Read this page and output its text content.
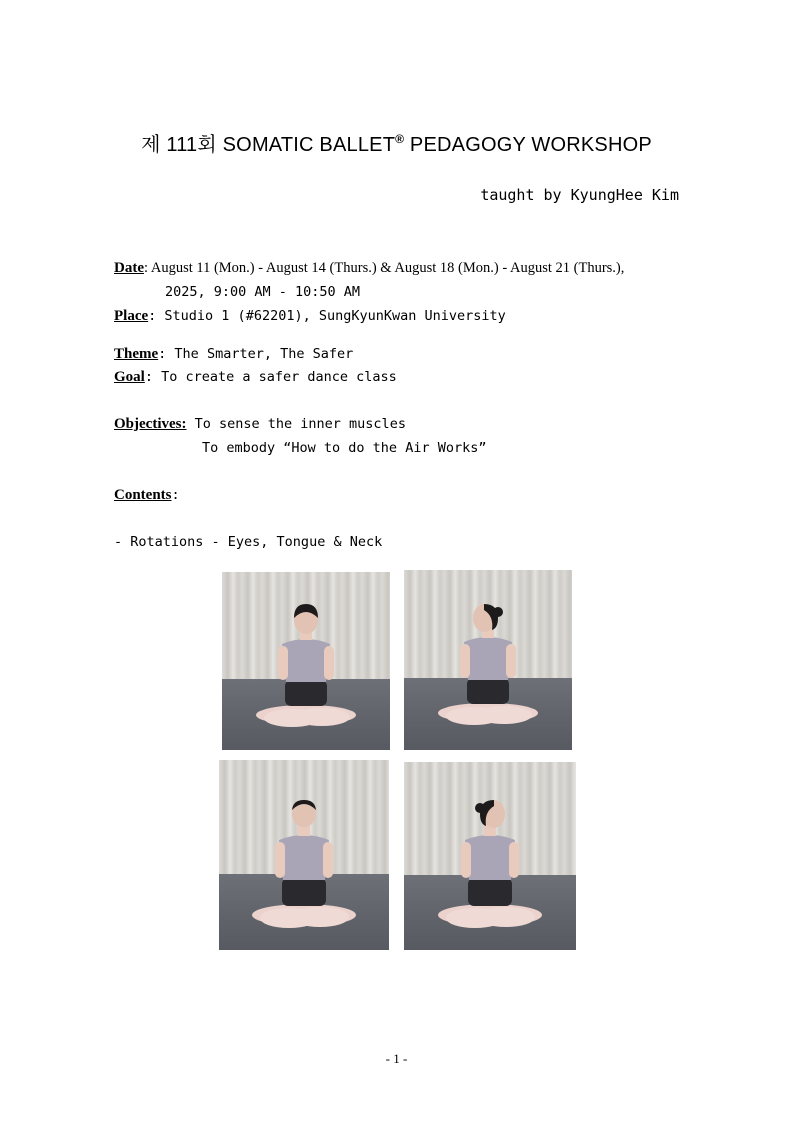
제 111회 SOMATIC BALLET® PEDAGOGY WORKSHOP
taught by KyungHee Kim
Date: August 11 (Mon.) - August 14 (Thurs.) & August 18 (Mon.) - August 21 (Thurs.),
2025, 9:00 AM - 10:50 AM
Place: Studio 1 (#62201), SungKyunKwan University
Theme: The Smarter, The Safer
Goal: To create a safer dance class
Objectives: To sense the inner muscles
To embody “How to do the Air Works”
Contents:
- Rotations - Eyes, Tongue & Neck
- 1 -
